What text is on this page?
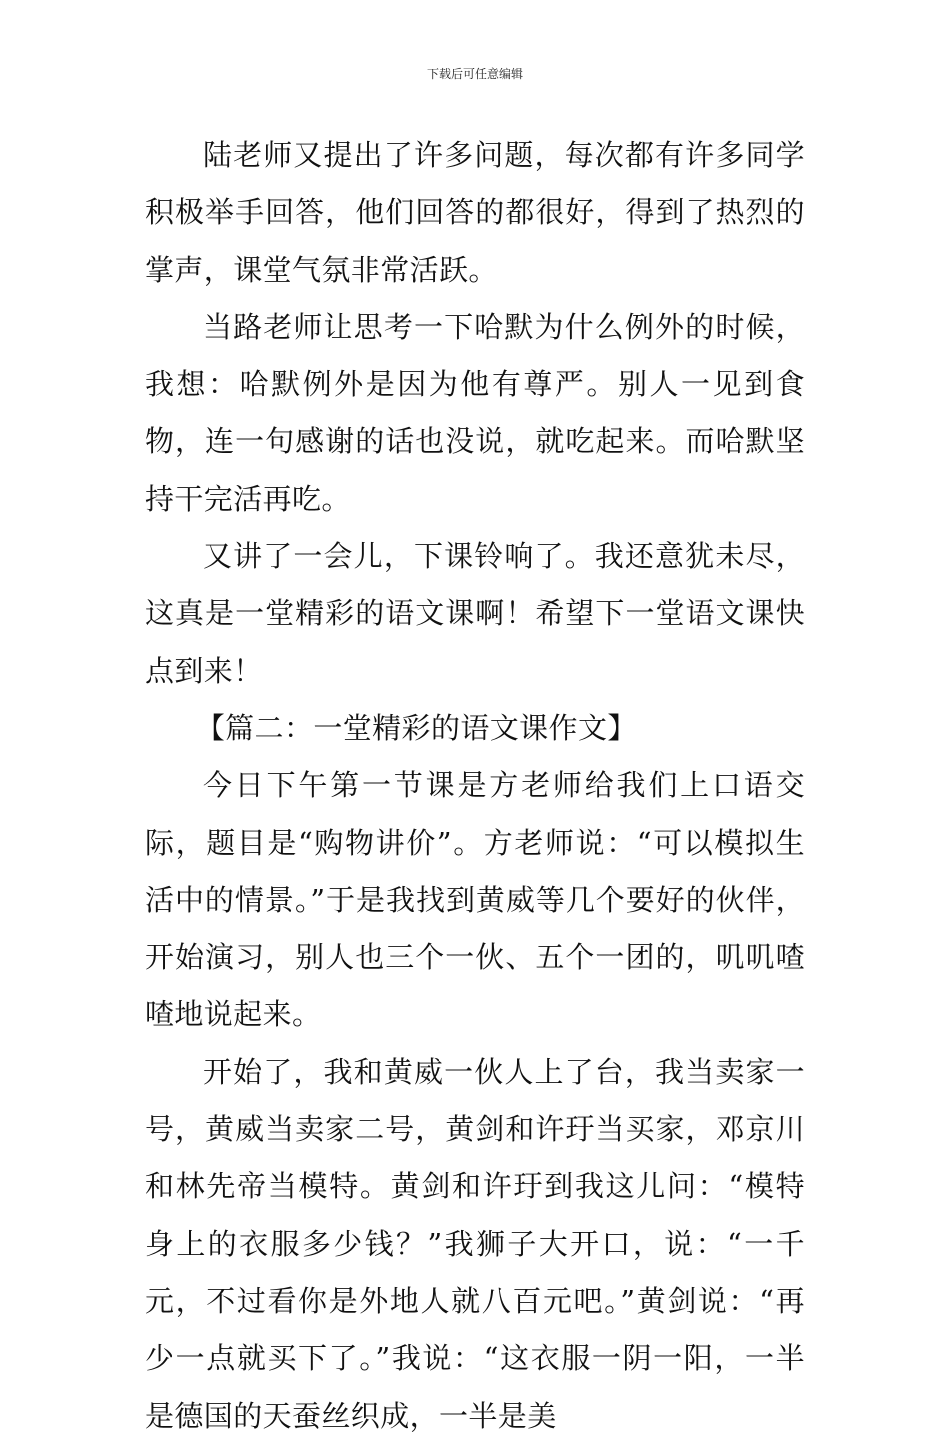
下载后可任意编辑

陆老师又提出了许多问题，每次都有许多同学积极举手回答，他们回答的都很好，得到了热烈的掌声，课堂气氛非常活跃。

当路老师让思考一下哈默为什么例外的时候，我想：哈默例外是因为他有尊严。别人一见到食物，连一句感谢的话也没说，就吃起来。而哈默坚持干完活再吃。

又讲了一会儿，下课铃响了。我还意犹未尽，这真是一堂精彩的语文课啊！希望下一堂语文课快点到来！

【篇二：一堂精彩的语文课作文】

今日下午第一节课是方老师给我们上口语交际，题目是“购物讲价”。方老师说：“可以模拟生活中的情景。”于是我找到黄威等几个要好的伙伴，开始演习，别人也三个一伙、五个一团的，叽叽喳喳地说起来。

开始了，我和黄威一伙人上了台，我当卖家一号，黄威当卖家二号，黄剑和许玗当买家，邓京川和林先帝当模特。黄剑和许玗到我这儿问：“模特身上的衣服多少钱？”我狮子大开口，说：“一千元，不过看你是外地人就八百元吧。”黄剑说：“再少一点就买下了。”我说：“这衣服一阴一阳，一半是德国的天蚕丝织成，一半是美
